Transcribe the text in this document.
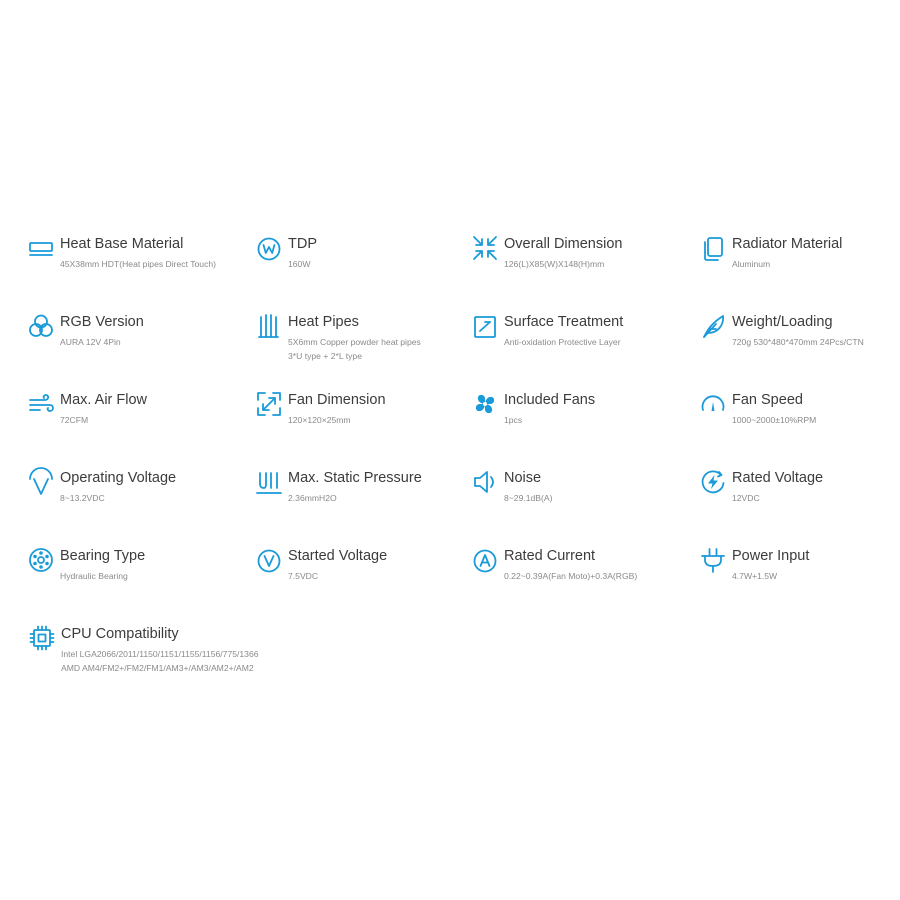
Heat Base Material
45X38mm HDT(Heat pipes Direct Touch)
TDP
160W
Overall Dimension
126(L)X85(W)X148(H)mm
Radiator Material
Aluminum
RGB Version
AURA 12V 4Pin
Heat Pipes
5X6mm Copper powder heat pipes
3*U type + 2*L type
Surface Treatment
Anti-oxidation Protective Layer
Weight/Loading
720g 530*480*470mm 24Pcs/CTN
Max. Air Flow
72CFM
Fan Dimension
120×120×25mm
Included Fans
1pcs
Fan Speed
1000~2000±10%RPM
Operating Voltage
8~13.2VDC
Max. Static Pressure
2.36mmH2O
Noise
8~29.1dB(A)
Rated Voltage
12VDC
Bearing Type
Hydraulic Bearing
Started Voltage
7.5VDC
Rated Current
0.22~0.39A(Fan Moto)+0.3A(RGB)
Power Input
4.7W+1.5W
CPU Compatibility
Intel LGA2066/2011/1150/1151/1155/1156/775/1366
AMD AM4/FM2+/FM2/FM1/AM3+/AM3/AM2+/AM2
